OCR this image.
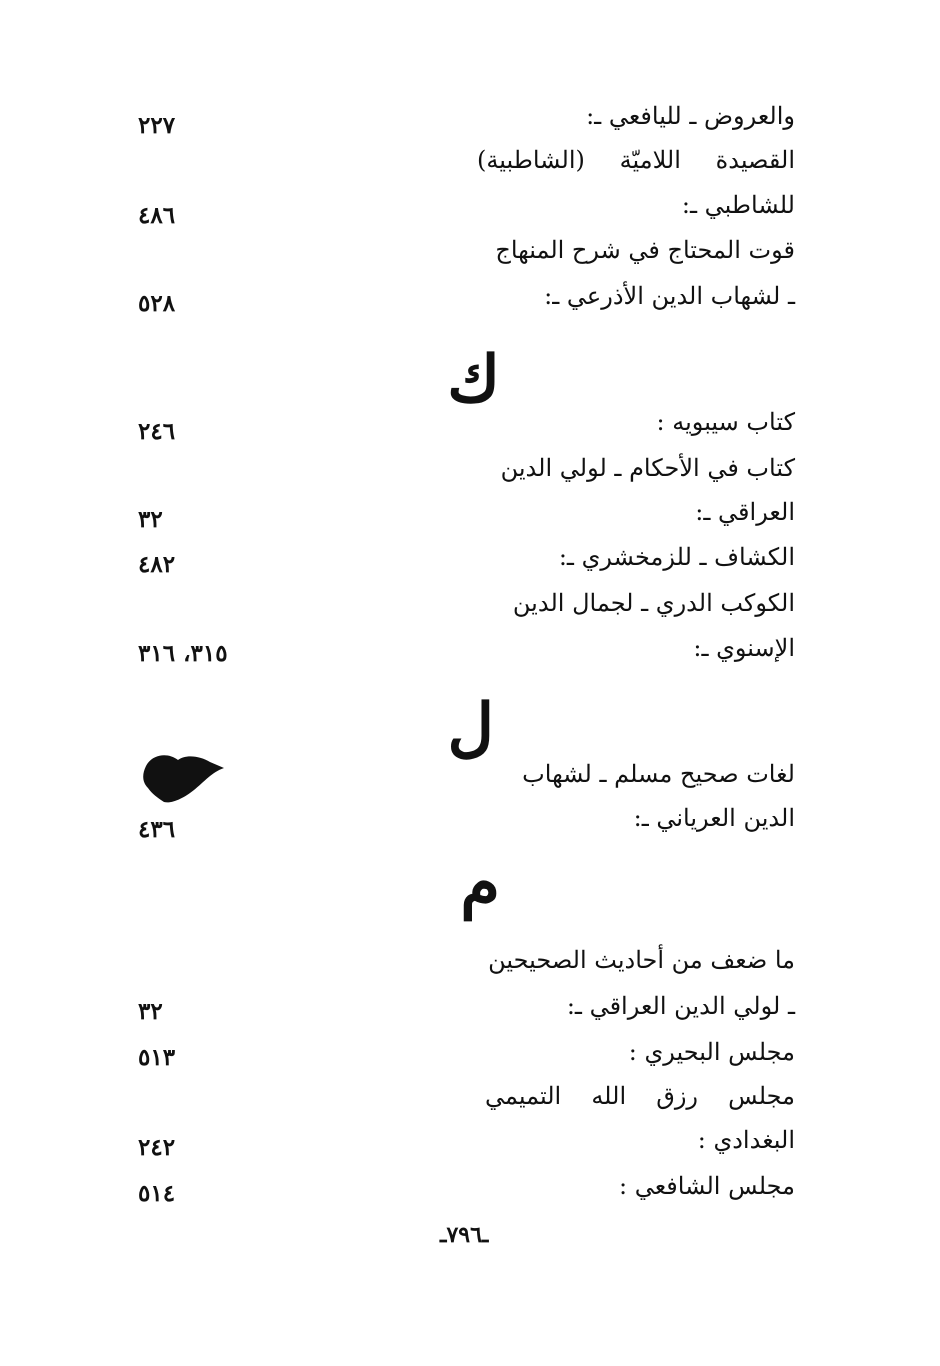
والعروض ـ لليافعي ـ:
٢٢٧
القصيدة
اللاميّة
(الشاطبية)
للشاطبي ـ:
٤٨٦
قوت المحتاج في شرح المنهاج
ـ لشهاب الدين الأذرعي ـ:
٥٢٨
ك
كتاب سيبويه :
٢٤٦
كتاب في الأحكام ـ لولي الدين
العراقي ـ:
٣٢
الكشاف ـ للزمخشري ـ:
٤٨٢
الكوكب الدري ـ لجمال الدين
الإسنوي ـ:
٣١٥، ٣١٦
ل
لغات صحيح مسلم ـ لشهاب
الدين العرياني ـ:
٤٣٦
م
ما ضعف من أحاديث الصحيحين
ـ لولي الدين العراقي ـ:
٣٢
مجلس البحيري :
٥١٣
مجلس
رزق
الله
التميمي
البغدادي :
٢٤٢
مجلس الشافعي :
٥١٤
ـ٧٩٦ـ
